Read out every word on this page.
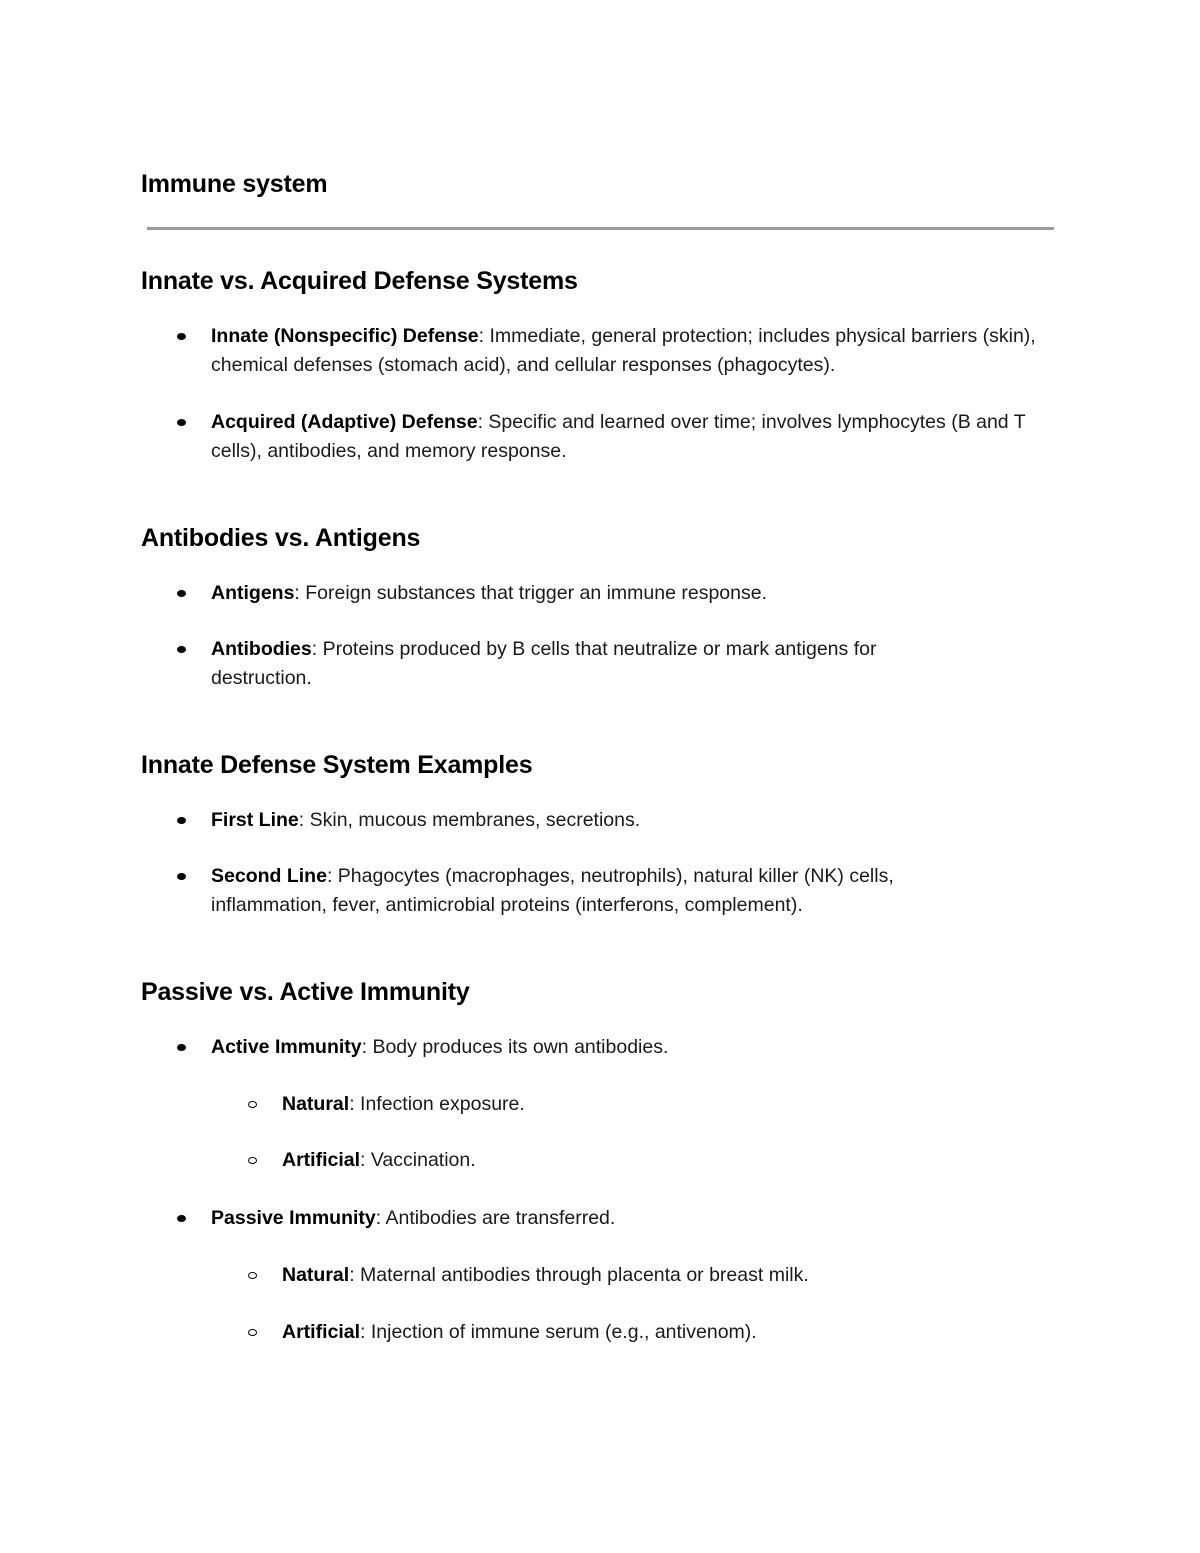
Immune system
Innate vs. Acquired Defense Systems
Innate (Nonspecific) Defense: Immediate, general protection; includes physical barriers (skin), chemical defenses (stomach acid), and cellular responses (phagocytes).
Acquired (Adaptive) Defense: Specific and learned over time; involves lymphocytes (B and T cells), antibodies, and memory response.
Antibodies vs. Antigens
Antigens: Foreign substances that trigger an immune response.
Antibodies: Proteins produced by B cells that neutralize or mark antigens for destruction.
Innate Defense System Examples
First Line: Skin, mucous membranes, secretions.
Second Line: Phagocytes (macrophages, neutrophils), natural killer (NK) cells, inflammation, fever, antimicrobial proteins (interferons, complement).
Passive vs. Active Immunity
Active Immunity: Body produces its own antibodies.
Natural: Infection exposure.
Artificial: Vaccination.
Passive Immunity: Antibodies are transferred.
Natural: Maternal antibodies through placenta or breast milk.
Artificial: Injection of immune serum (e.g., antivenom).
